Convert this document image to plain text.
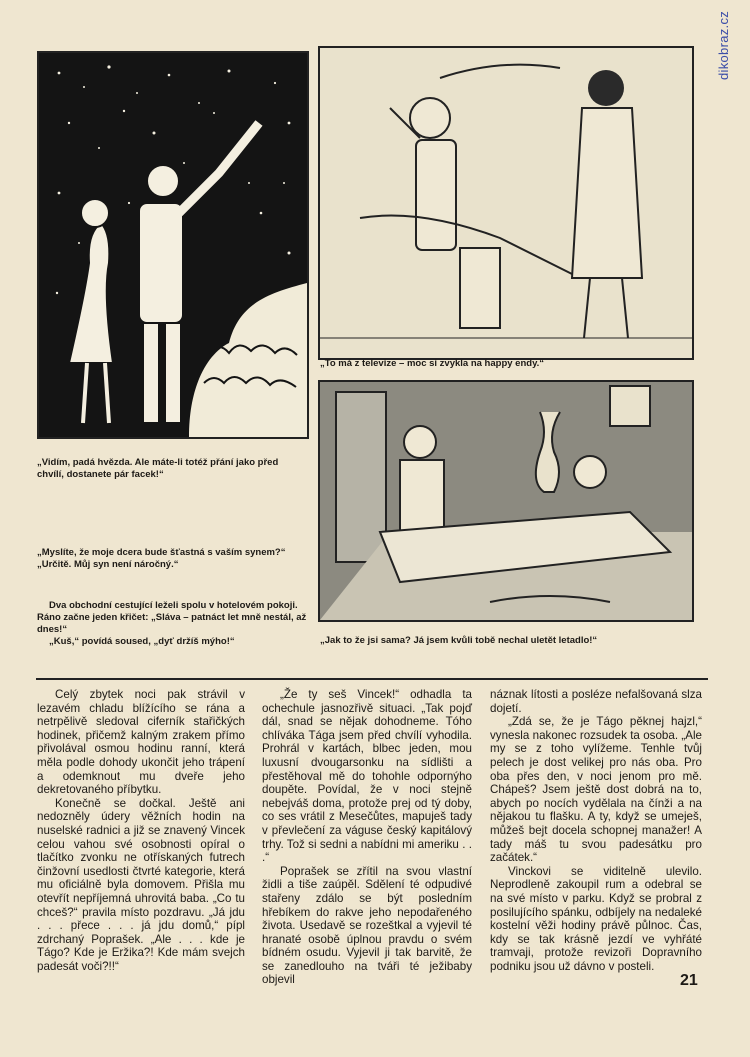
dikobraz.cz
„Vidím, padá hvězda. Ale máte-li totéž přání jako před chvílí, dostanete pár facek!“
„To má z televize – moc si zvykla na happy endy.“
„Jak to že jsi sama? Já jsem kvůli tobě nechal uletět letadlo!“
„Myslíte, že moje dcera bude šťastná s vaším synem?“
„Určitě. Můj syn není náročný.“
Dva obchodní cestující leželi spolu v hotelovém pokoji. Ráno začne jeden křičet: „Sláva – patnáct let mně nestál, až dnes!“
„Kuš,“ povídá soused, „dyť držíš mýho!“

Celý zbytek noci pak strávil v lezavém chladu blížícího se rána a netrpělivě sledoval ciferník stařičkých hodinek, přičemž kalným zrakem přímo přivolával osmou hodinu ranní, která měla podle dohody ukončit jeho trápení a odemknout mu dveře jeho dekretovaného příbytku.

Konečně se dočkal. Ještě ani nedozněly údery věžních hodin na nuselské radnici a již se znavený Vincek celou vahou své osobnosti opíral o tlačítko zvonku ne otřískaných futrech činžovní usedlosti čtvrté kategorie, která mu oficiálně byla domovem. Přišla mu otevřít nepříjemná uhrovitá baba. „Co tu chceš?“ pravila místo pozdravu. „Já jdu . . . přece . . . já jdu domů,“ pípl zdrchaný Poprašek. „Ale . . . kde je Tágo? Kde je Eržika?! Kde mám svejch padesát voči?!!“

„Že ty seš Vincek!“ odhadla ta ochechule jasnozřivě situaci. „Tak pojď dál, snad se nějak dohodneme. Tóho chlíváka Tága jsem před chvílí vyhodila. Prohrál v kartách, blbec jeden, mou luxusní dvougarsonku na sídlišti a přestěhoval mě do tohohle odpornýho doupěte. Povídal, že v noci stejně nebejváš doma, protože prej od tý doby, co ses vrátil z Mesečůtes, mapuješ tady v převlečení za váguse český kapitálový trhy. Tož si sedni a nabídni mi ameriku . . .“

Poprašek se zřítil na svou vlastní židli a tiše zaúpěl. Sdělení té odpudivé stařeny zdálo se být posledním hřebíkem do rakve jeho nepodařeného života. Usedavě se rozeštkal a vyjevil té hranaté osobě úplnou pravdu o svém bídném osudu. Vyjevil ji tak barvitě, že se zanedlouho na tváři té ježibaby objevil

náznak lítosti a posléze nefalšovaná slza dojetí.

„Zdá se, že je Tágo pěknej hajzl,“ vynesla nakonec rozsudek ta osoba. „Ale my se z toho vylížeme. Tenhle tvůj pelech je dost velikej pro nás oba. Pro oba přes den, v noci jenom pro mě. Chápeš? Jsem ještě dost dobrá na to, abych po nocích vydělala na čínži a na nějakou tu flašku. A ty, když se umeješ, můžeš bejt docela schopnej manažer! A tady máš tu svou padesátku pro začátek.“

Vinckovi se viditelně ulevilo. Neprodleně zakoupil rum a odebral se na své místo v parku. Když se probral z posilujícího spánku, odbíjely na nedaleké kostelní věži hodiny právě půlnoc. Čas, kdy se tak krásně jezdí ve vyhřáté tramvaji, protože revizoři Dopravního podniku jsou už dávno v posteli.

21
